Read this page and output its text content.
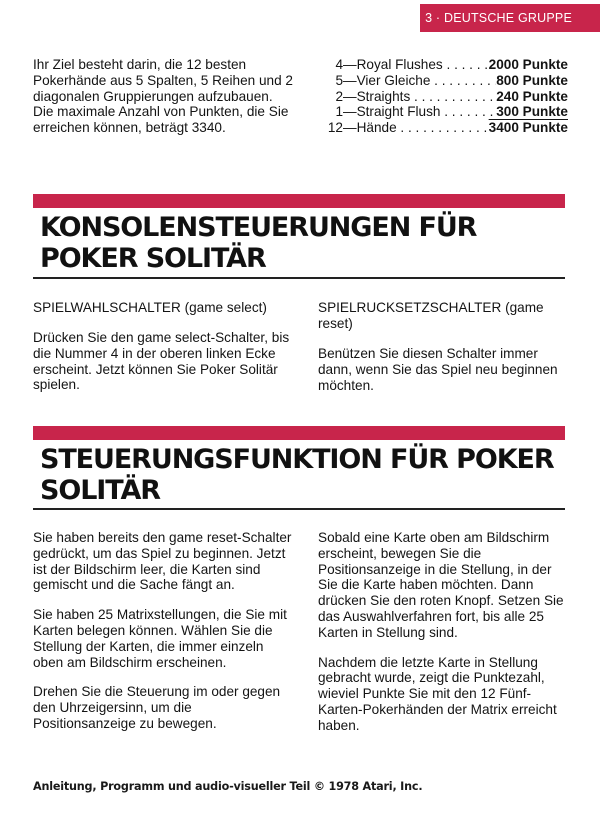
3 · DEUTSCHE GRUPPE

Ihr Ziel besteht darin, die 12 besten Pokerhände aus 5 Spalten, 5 Reihen und 2 diagonalen Gruppierungen aufzubauen. Die maximale Anzahl von Punkten, die Sie erreichen können, beträgt 3340.

4 —Royal Flushes . . .	2000 Punkte
5 —Vier Gleiche . . .	800 Punkte
2 —Straights . . .	240 Punkte
1 —Straight Flush . . .	300 Punkte
12 —Hände . . .	3400 Punkte
KONSOLENSTEUERUNGEN FÜR
POKER SOLITÄR

SPIELWAHLSCHALTER (game select)

Drücken Sie den game select-Schalter, bis die Nummer 4 in der oberen linken Ecke erscheint. Jetzt können Sie Poker Solitär spielen.

SPIELRUCKSETZSCHALTER (game reset)

Benützen Sie diesen Schalter immer dann, wenn Sie das Spiel neu beginnen möchten.

STEUERUNGSFUNKTION FÜR POKER
SOLITÄR

Sie haben bereits den game reset-Schalter gedrückt, um das Spiel zu beginnen. Jetzt ist der Bildschirm leer, die Karten sind gemischt und die Sache fängt an.

Sie haben 25 Matrixstellungen, die Sie mit Karten belegen können. Wählen Sie die Stellung der Karten, die immer einzeln oben am Bildschirm erscheinen.

Drehen Sie die Steuerung im oder gegen den Uhrzeigersinn, um die Positionsanzeige zu bewegen.

Sobald eine Karte oben am Bildschirm erscheint, bewegen Sie die Positionsanzeige in die Stellung, in der Sie die Karte haben möchten. Dann drücken Sie den roten Knopf. Setzen Sie das Auswahlverfahren fort, bis alle 25 Karten in Stellung sind.

Nachdem die letzte Karte in Stellung gebracht wurde, zeigt die Punktezahl, wieviel Punkte Sie mit den 12 Fünf-Karten-Pokerhänden der Matrix erreicht haben.

Anleitung, Programm und audio-visueller Teil © 1978 Atari, Inc.
